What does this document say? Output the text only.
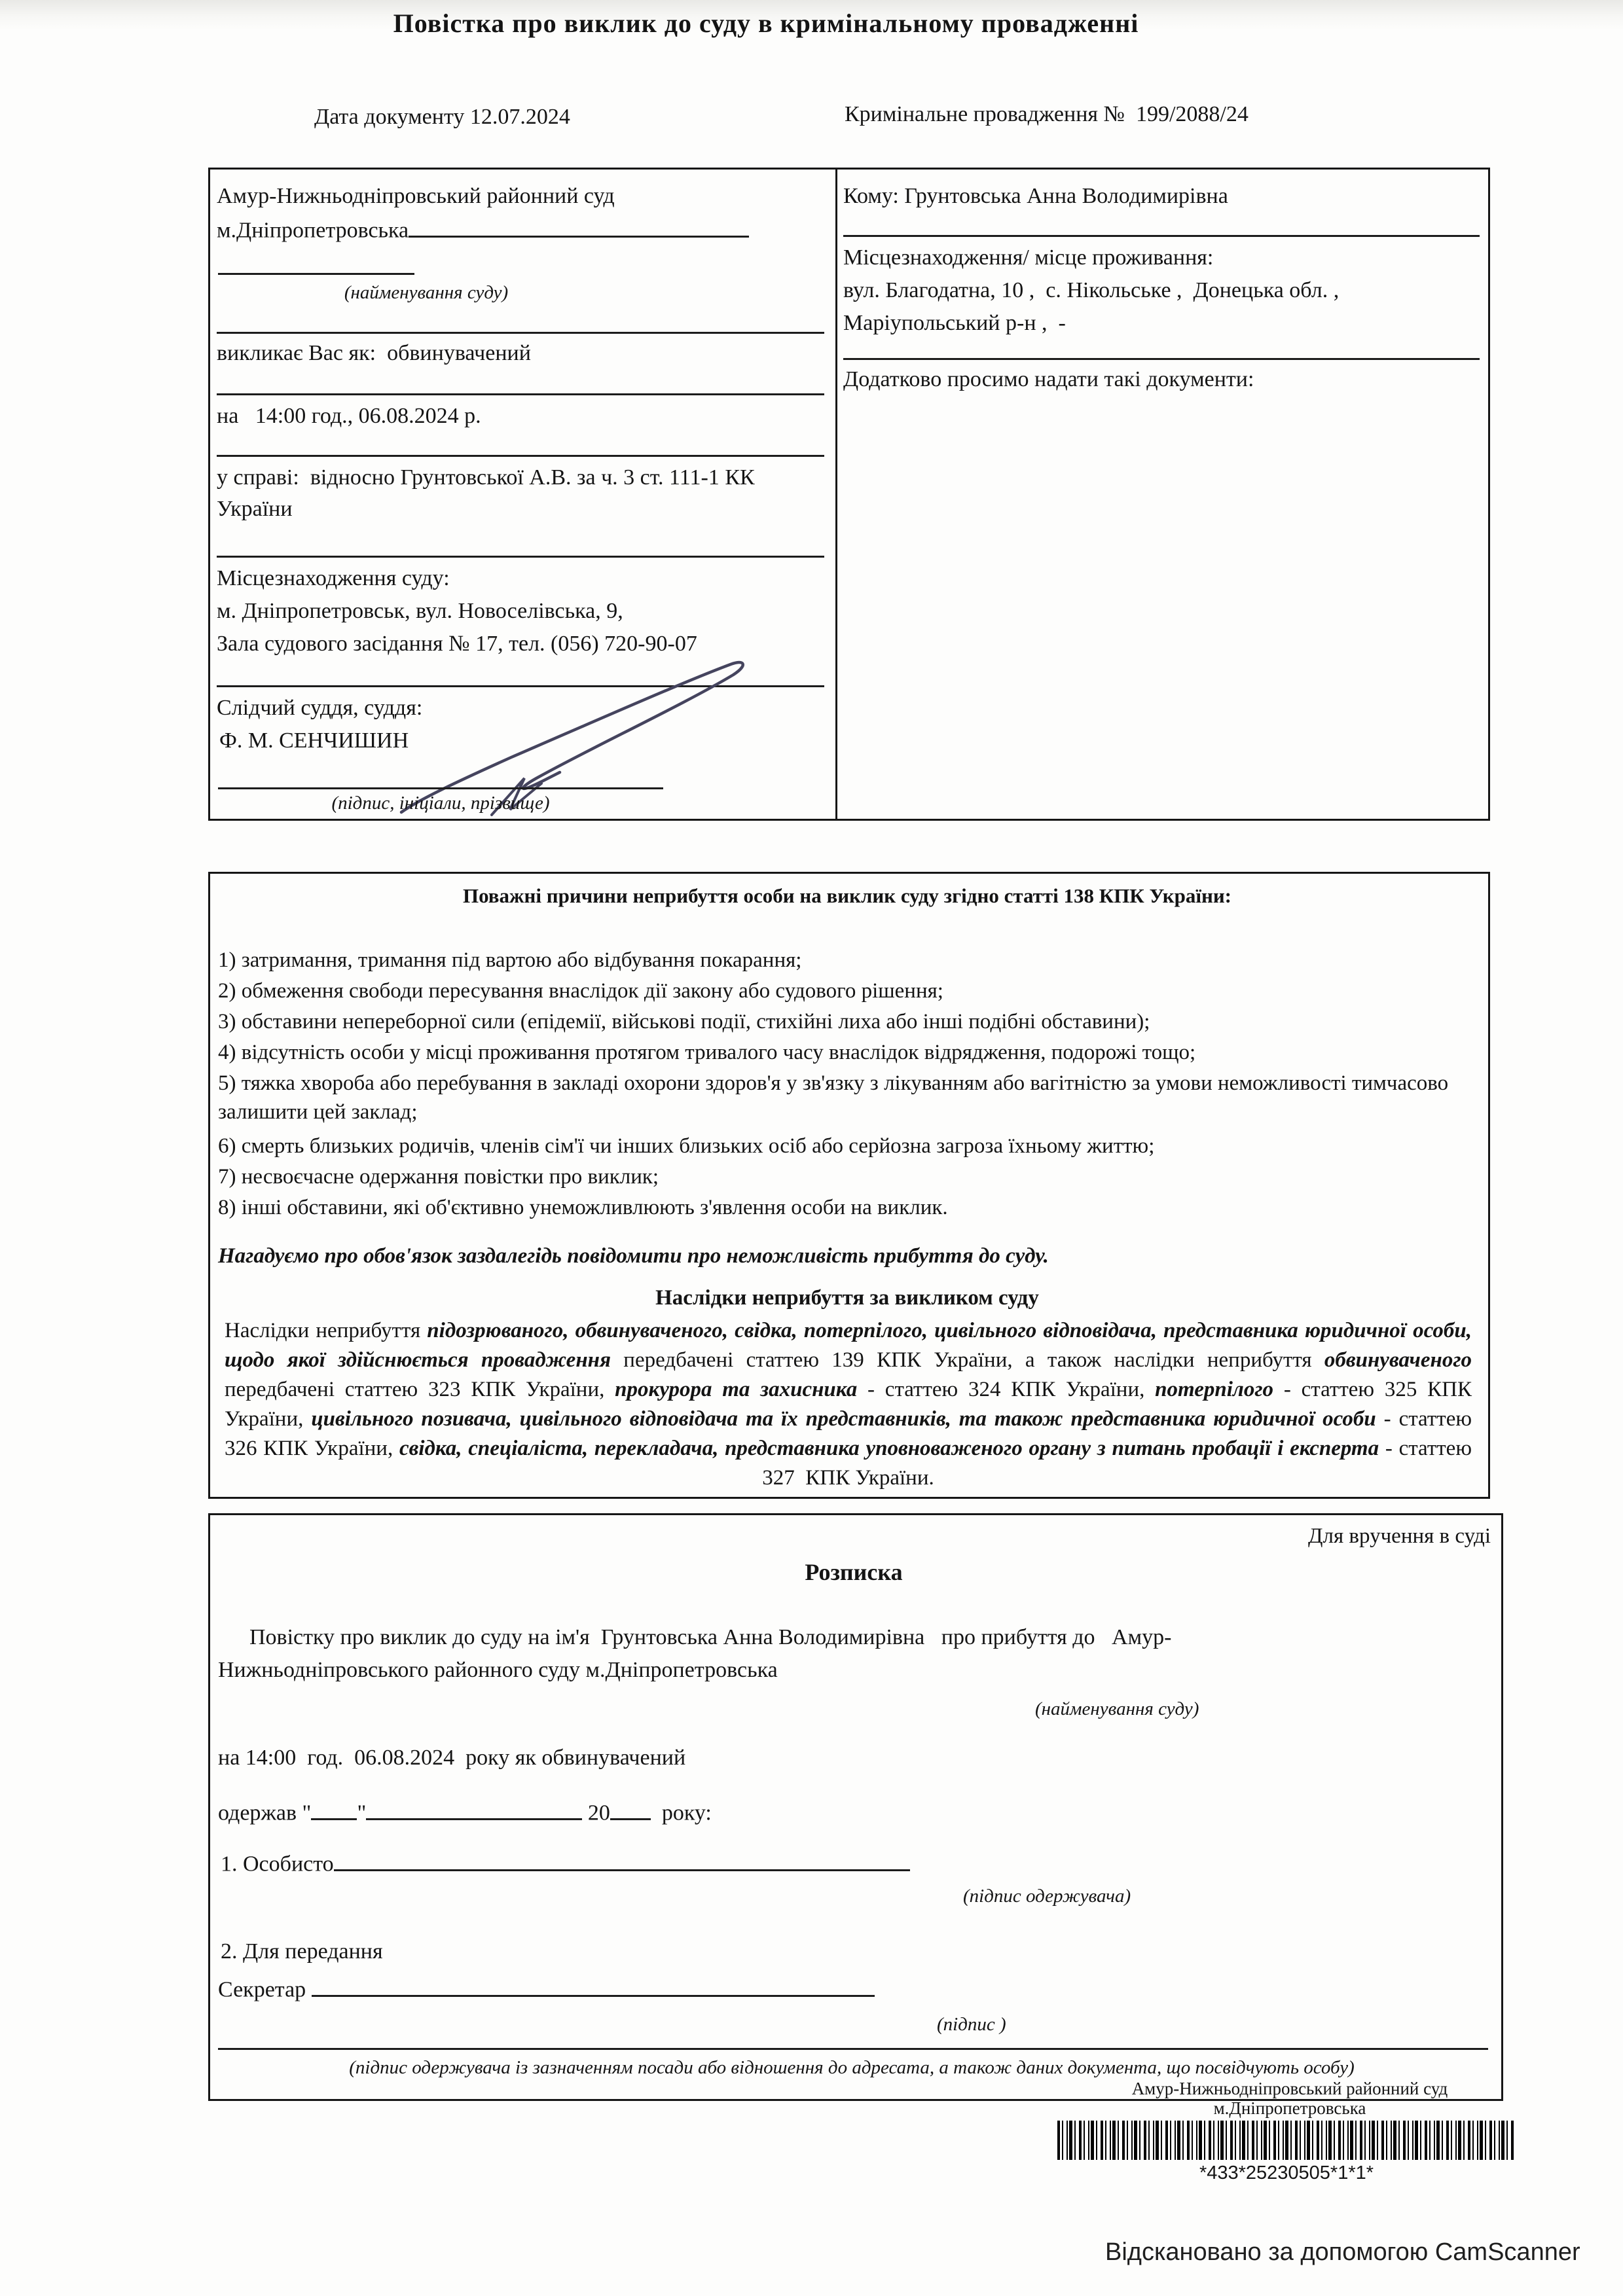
Повістка про виклик до суду в кримінальному провадженні
Дата документу 12.07.2024	Кримінальне провадження №  199/2088/24
Амур-Нижньодніпровський районний суд
м.Дніпропетровська
(найменування суду)
викликає Вас як:  обвинувачений
на   14:00 год., 06.08.2024 р.
у справі:  відносно Грунтовської А.В. за ч. 3 ст. 111-1 КК
України
Місцезнаходження суду:
м. Дніпропетровськ, вул. Новоселівська, 9,
Зала судового засідання № 17, тел. (056) 720-90-07
Слідчий суддя, суддя:
Ф. М. СЕНЧИШИН
(підпис, ініціали, прізвище)
Кому: Грунтовська Анна Володимирівна
Місцезнаходження/ місце проживання:
вул. Благодатна, 10 ,  с. Нікольське ,  Донецька обл. ,
Маріупольський р-н ,  -
Додатково просимо надати такі документи:
Поважні причини неприбуття особи на виклик суду згідно статті 138 КПК України:
1) затримання, тримання під вартою або відбування покарання;
2) обмеження свободи пересування внаслідок дії закону або судового рішення;
3) обставини непереборної сили (епідемії, військові події, стихійні лиха або інші подібні обставини);
4) відсутність особи у місці проживання протягом тривалого часу внаслідок відрядження, подорожі тощо;
5) тяжка хвороба або перебування в закладі охорони здоров'я у зв'язку з лікуванням або вагітністю за умови неможливості тимчасово залишити цей заклад;
6) смерть близьких родичів, членів сім'ї чи інших близьких осіб або серйозна загроза їхньому життю;
7) несвоєчасне одержання повістки про виклик;
8) інші обставини, які об'єктивно унеможливлюють з'явлення особи на виклик.
Нагадуємо про обов'язок заздалегідь повідомити про неможливість прибуття до суду.
Наслідки неприбуття за викликом суду
Наслідки неприбуття підозрюваного, обвинуваченого, свідка, потерпілого, цивільного відповідача, представника юридичної особи, щодо якої здійснюється провадження передбачені статтею 139 КПК України, а також наслідки неприбуття обвинуваченого передбачені статтею 323 КПК України, прокурора та захисника - статтею 324 КПК України, потерпілого - статтею 325 КПК України, цивільного позивача, цивільного відповідача та їх представників, та також представника юридичної особи - статтею 326 КПК України, свідка, спеціаліста, перекладача, представника уповноваженого органу з питань пробації і експерта - статтею 327  КПК України.
Для вручення в суді
Розписка
Повістку про виклик до суду на ім'я  Грунтовська Анна Володимирівна   про прибуття до   Амур-
Нижньодніпровського районного суду м.Дніпропетровська
(найменування суду)
на 14:00  год.  06.08.2024  року як обвинувачений
одержав " "	20  року:
1. Особисто
(підпис одержувача)
2. Для передання
Секретар
(підпис )
(підпис одержувача із зазначенням посади або відношення до адресата, а також даних документа, що посвідчують особу)
Амур-Нижньодніпровський районний суд
м.Дніпропетровська
*433*25230505*1*1*
Відскановано за допомогою CamScanner
